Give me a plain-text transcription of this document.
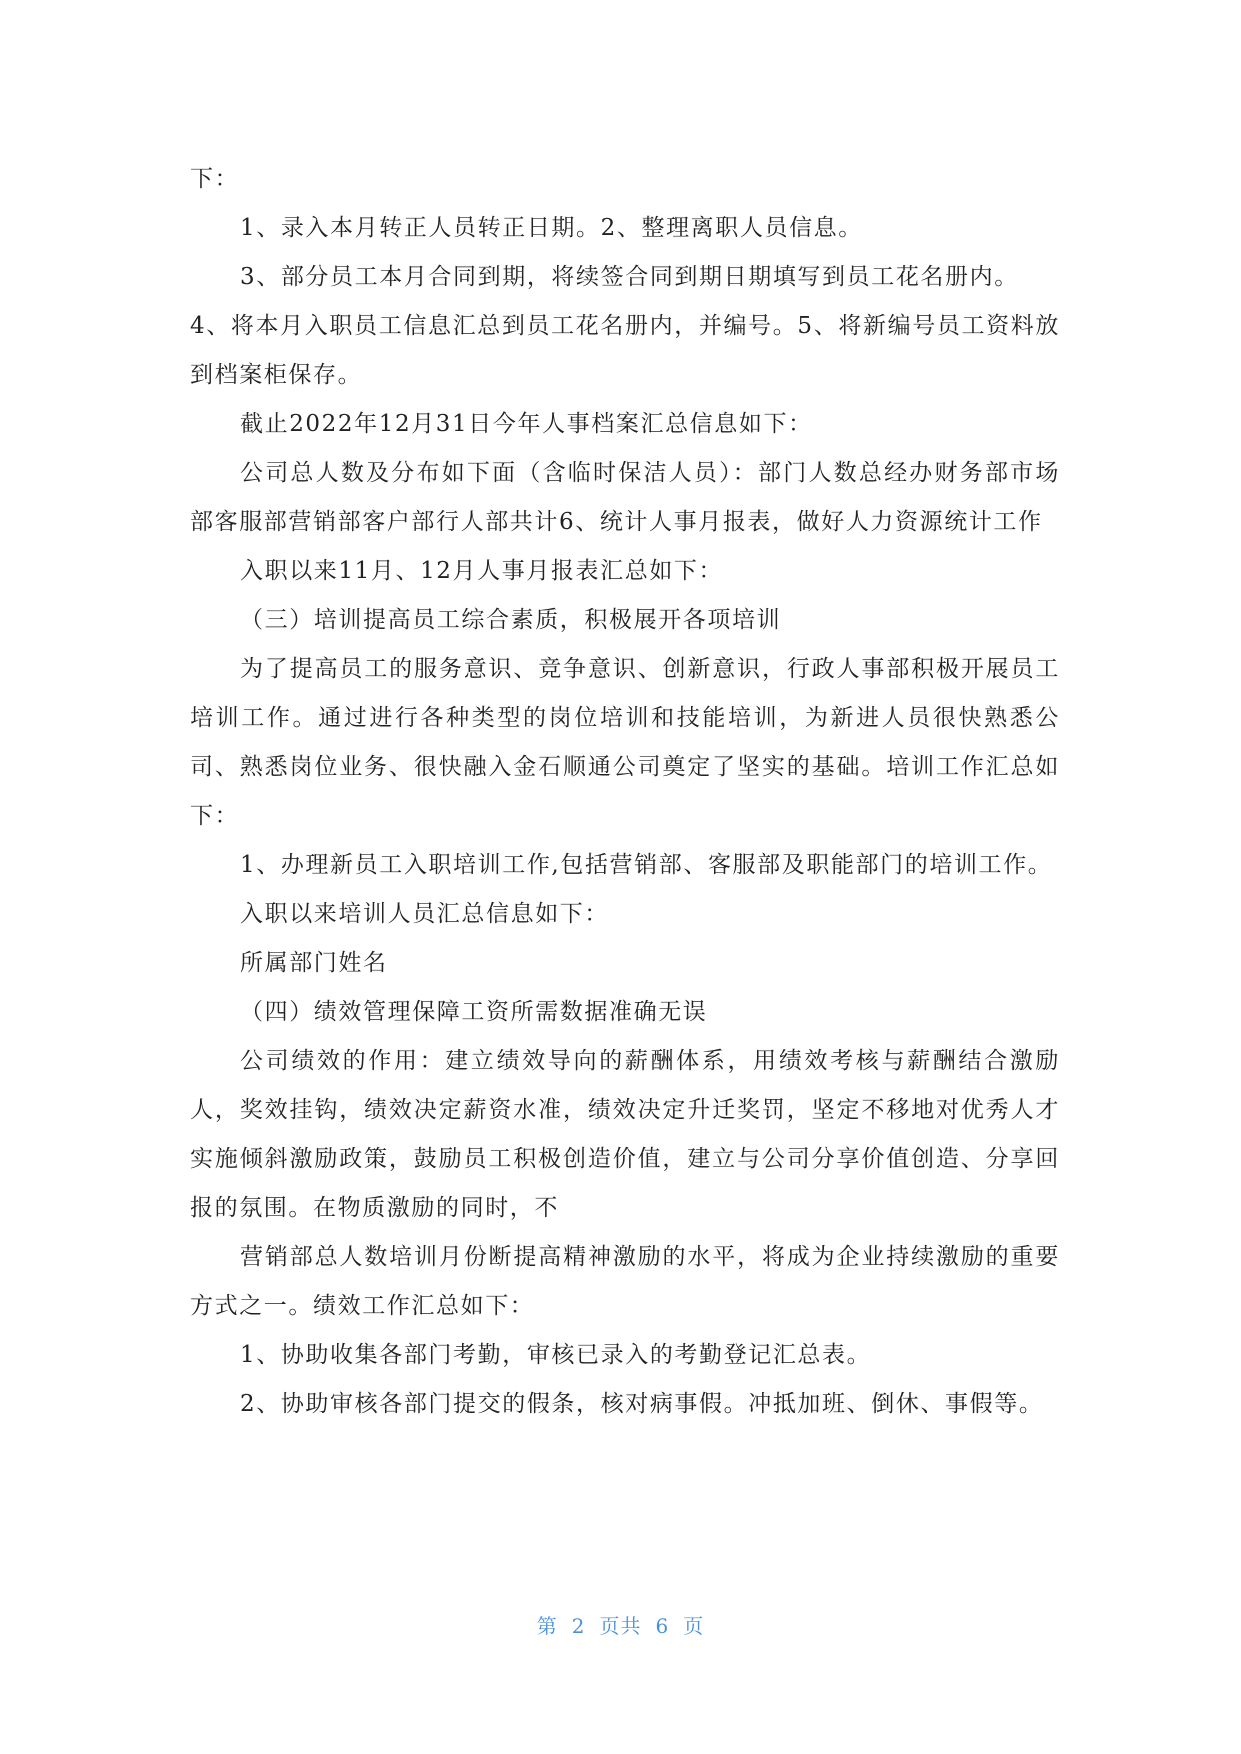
下：

1、录入本月转正人员转正日期。2、整理离职人员信息。

3、部分员工本月合同到期，将续签合同到期日期填写到员工花名册内。

4、将本月入职员工信息汇总到员工花名册内，并编号。5、将新编号员工资料放到档案柜保存。

截止2022年12月31日今年人事档案汇总信息如下：

公司总人数及分布如下面（含临时保洁人员）：部门人数总经办财务部市场部客服部营销部客户部行人部共计6、统计人事月报表，做好人力资源统计工作

入职以来11月、12月人事月报表汇总如下：

（三）培训提高员工综合素质，积极展开各项培训

为了提高员工的服务意识、竞争意识、创新意识，行政人事部积极开展员工培训工作。通过进行各种类型的岗位培训和技能培训，为新进人员很快熟悉公司、熟悉岗位业务、很快融入金石顺通公司奠定了坚实的基础。培训工作汇总如下：

1、办理新员工入职培训工作,包括营销部、客服部及职能部门的培训工作。

入职以来培训人员汇总信息如下：

所属部门姓名

（四）绩效管理保障工资所需数据准确无误

公司绩效的作用：建立绩效导向的薪酬体系，用绩效考核与薪酬结合激励人，奖效挂钩，绩效决定薪资水准，绩效决定升迁奖罚，坚定不移地对优秀人才实施倾斜激励政策，鼓励员工积极创造价值，建立与公司分享价值创造、分享回报的氛围。在物质激励的同时，不

营销部总人数培训月份断提高精神激励的水平，将成为企业持续激励的重要方式之一。绩效工作汇总如下：

1、协助收集各部门考勤，审核已录入的考勤登记汇总表。

2、协助审核各部门提交的假条，核对病事假。冲抵加班、倒休、事假等。

第 2 页共 6 页
